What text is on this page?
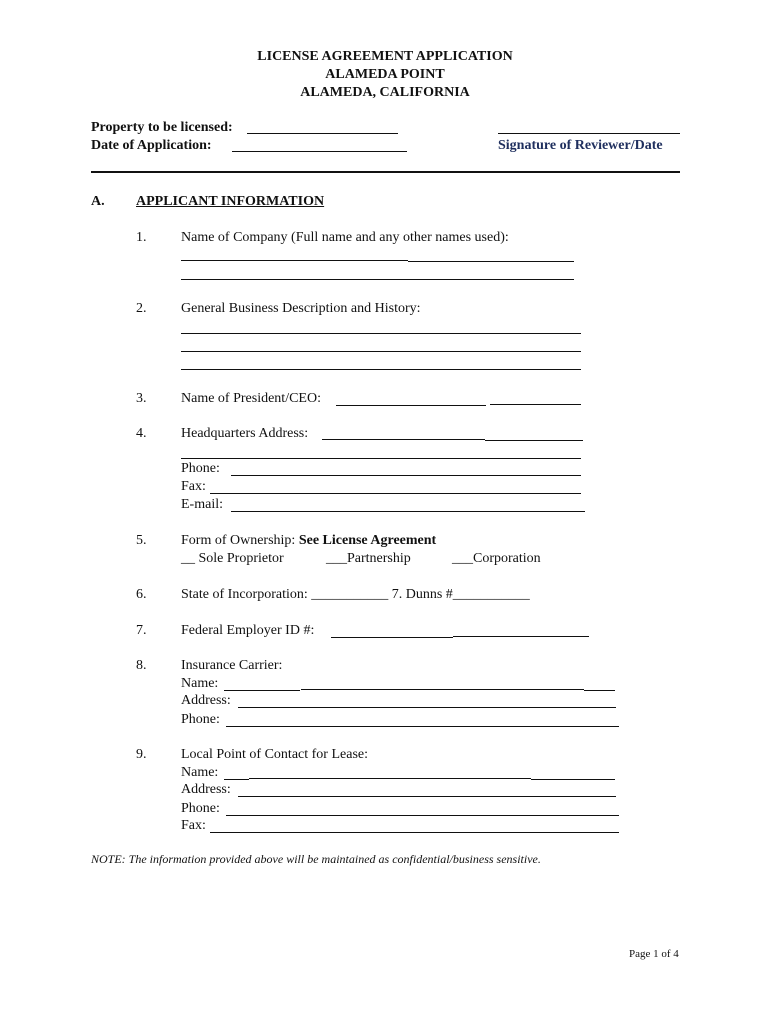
LICENSE AGREEMENT APPLICATION
ALAMEDA POINT
ALAMEDA, CALIFORNIA
Property to be licensed:
Date of Application:	Signature of Reviewer/Date
A. APPLICANT INFORMATION
1. Name of Company (Full name and any other names used):
2. General Business Description and History:
3. Name of President/CEO:
4. Headquarters Address:
Phone:
Fax:
E-mail:
5. Form of Ownership: See License Agreement
__ Sole Proprietor	___Partnership	___Corporation
6. State of Incorporation: ___________ 7. Dunns #___________
7. Federal Employer ID #:
8. Insurance Carrier:
Name:
Address:
Phone:
9. Local Point of Contact for Lease:
Name:
Address:
Phone:
Fax:
NOTE: The information provided above will be maintained as confidential/business sensitive.
Page 1 of 4
